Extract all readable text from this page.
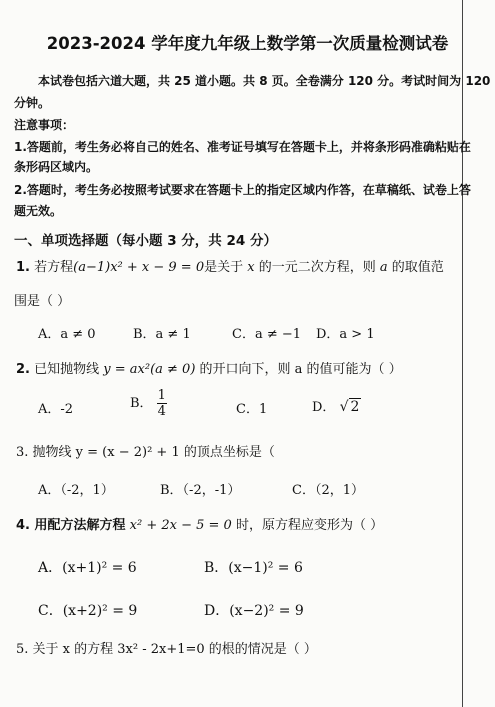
2023-2024 学年度九年级上数学第一次质量检测试卷
本试卷包括六道大题，共 25 道小题。共 8 页。全卷满分 120 分。考试时间为 120
分钟。
注意事项：
1.答题前，考生务必将自己的姓名、准考证号填写在答题卡上，并将条形码准确粘贴在
条形码区域内。
2.答题时，考生务必按照考试要求在答题卡上的指定区域内作答，在草稿纸、试卷上答
题无效。
一、单项选择题（每小题 3 分，共 24 分）
1. 若方程(a−1)x² + x − 9 = 0是关于 x 的一元二次方程，则 a 的取值范
围是（ ）
A．a ≠ 0	B．a ≠ 1	C．a ≠ −1 D．a > 1
2. 已知抛物线 y = ax²(a ≠ 0) 的开口向下，则 a 的值可能为（ ）
A．-2	B． $\frac{1}{4}$	C．1	D． √ 2
3. 抛物线 y = (x − 2)² + 1 的顶点坐标是（
A．（-2，1）	B．（-2，-1）	C．（2，1）
4. 用配方法解方程 x² + 2x − 5 = 0 时，原方程应变形为（ ）
A．(x+1)² = 6	B．(x−1)² = 6
C．(x+2)² = 9	D．(x−2)² = 9
5. 关于 x 的方程 3x² - 2x+1=0 的根的情况是（ ）
